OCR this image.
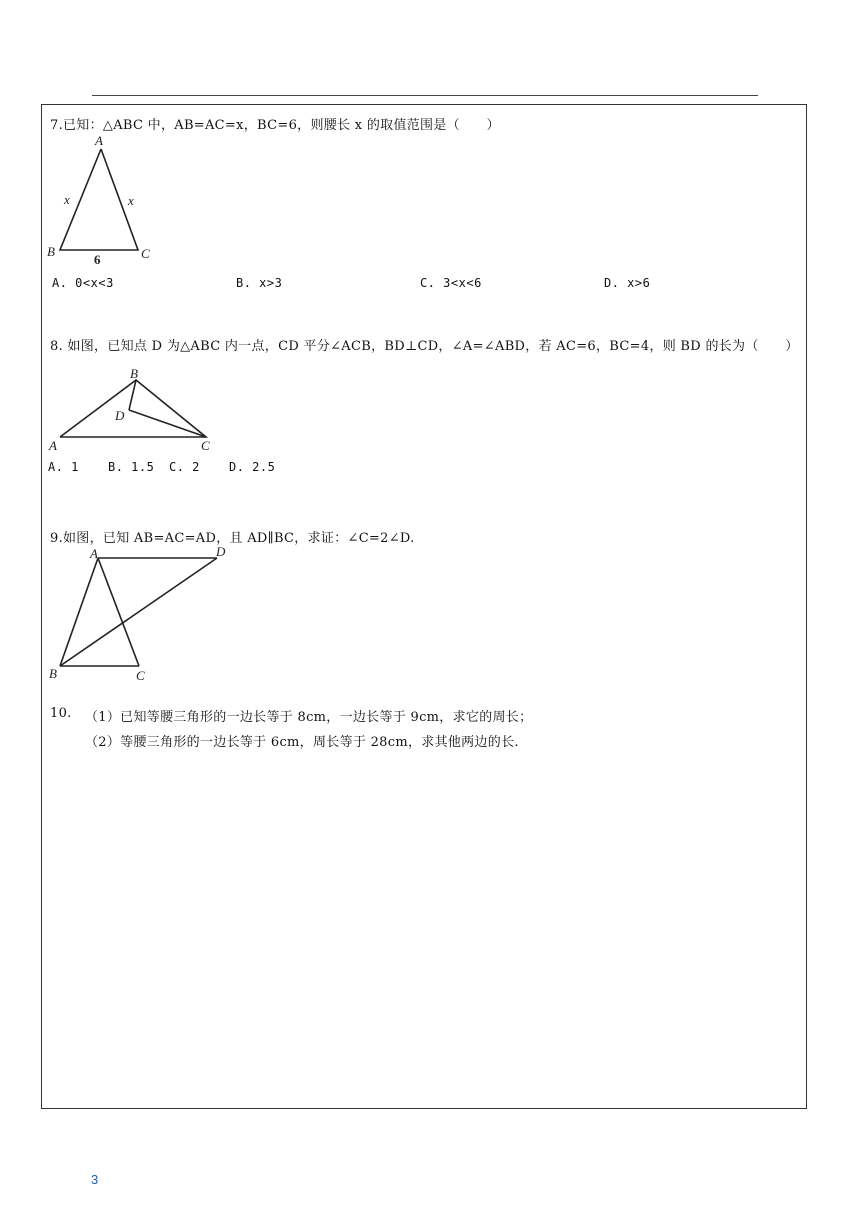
7.已知：△ABC 中，AB=AC=x，BC=6，则腰长 x 的取值范围是（　　）
A
B	C
x	x
6
A. 0<x<3	B. x>3	C. 3<x<6	D. x>6
8. 如图，已知点 D 为△ABC 内一点，CD 平分∠ACB，BD⊥CD，∠A=∠ABD，若 AC=6，BC=4，则 BD 的长为（　　）
A
B
C
D
A. 1 B. 1.5 C. 2 D. 2.5
9.如图，已知 AB=AC=AD，且 AD∥BC，求证：∠C=2∠D.
A
B	C
D
10. （1）已知等腰三角形的一边长等于 8cm，一边长等于 9cm，求它的周长；
（2）等腰三角形的一边长等于 6cm，周长等于 28cm，求其他两边的长.
3
